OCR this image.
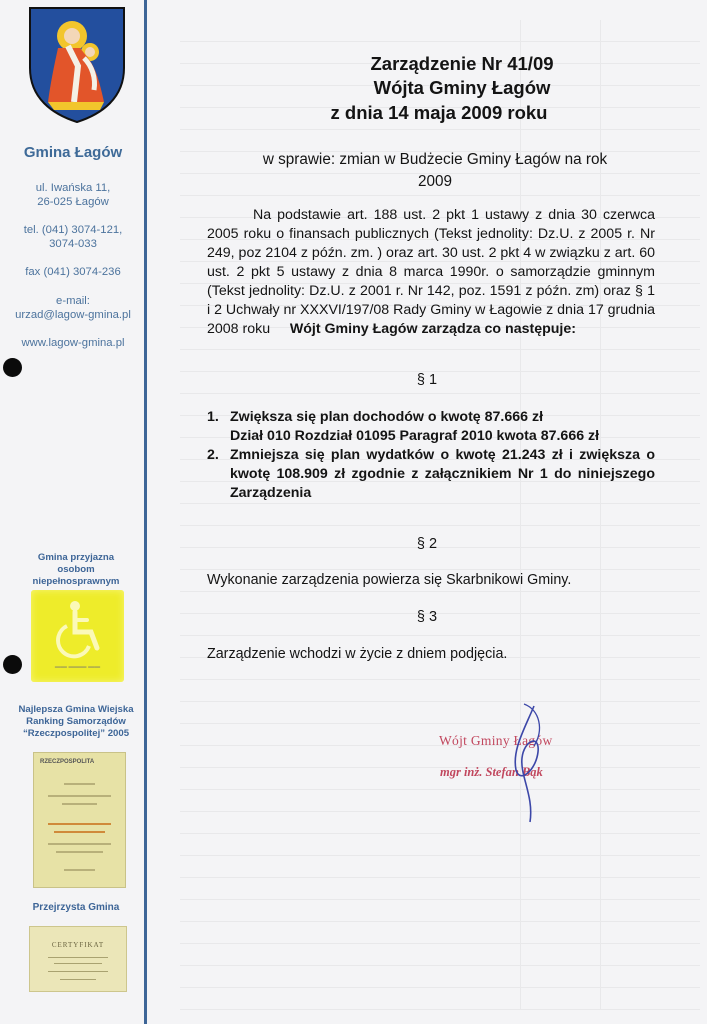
Gmina Łagów
ul. Iwańska 11,
26-025 Łagów
tel. (041) 3074-121,
3074-033
fax (041) 3074-236
e-mail:
urzad@lagow-gmina.pl
www.lagow-gmina.pl
Gmina przyjazna
osobom
niepełnosprawnym
▬▬ ▬▬▬ ▬▬
Najlepsza Gmina Wiejska
Ranking Samorządów
“Rzeczpospolitej” 2005
RZECZPOSPOLITA
Przejrzysta Gmina
CERTYFIKAT
Zarządzenie Nr 41/09
Wójta Gminy Łagów
z dnia 14 maja 2009 roku
w sprawie: zmian w Budżecie Gminy Łagów na rok
2009
Na podstawie art. 188 ust. 2 pkt 1 ustawy z dnia 30 czerwca 2005 roku o finansach publicznych (Tekst jednolity: Dz.U. z 2005 r. Nr 249, poz 2104 z późn. zm. ) oraz art. 30 ust. 2 pkt 4 w związku z art. 60 ust. 2 pkt 5 ustawy z dnia 8 marca 1990r. o samorządzie gminnym (Tekst jednolity: Dz.U. z 2001 r. Nr 142, poz. 1591 z późn. zm) oraz § 1 i 2 Uchwały nr XXXVI/197/08 Rady Gminy w Łagowie z dnia 17 grudnia 2008 roku Wójt Gminy Łagów zarządza co następuje:
§ 1
1. Zwiększa się plan dochodów o kwotę 87.666 zł
Dział 010 Rozdział 01095 Paragraf 2010 kwota 87.666 zł
2. Zmniejsza się plan wydatków o kwotę 21.243 zł i zwiększa o kwotę 108.909 zł zgodnie z załącznikiem Nr 1 do niniejszego Zarządzenia
§ 2
Wykonanie zarządzenia powierza się Skarbnikowi Gminy.
§ 3
Zarządzenie wchodzi w życie z dniem podjęcia.
Wójt Gminy Łagów
mgr inż. Stefan Bąk
